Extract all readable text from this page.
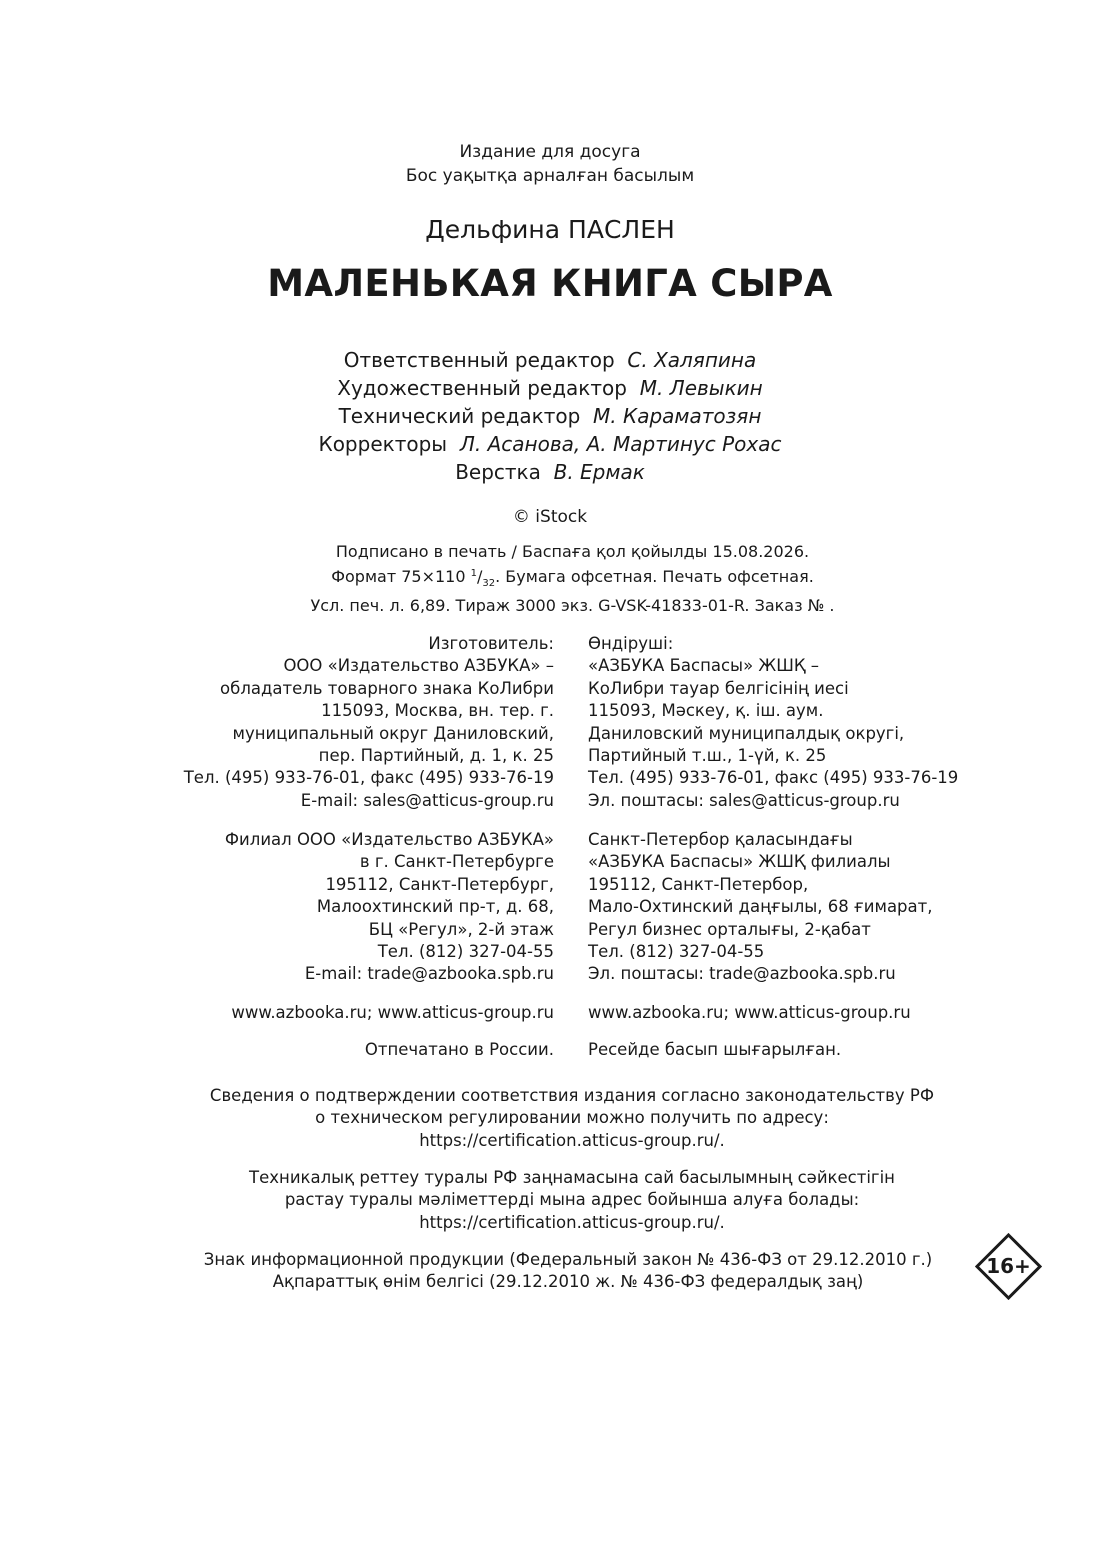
Издание для досуга
Бос уақытқа арналған басылым
Дельфина ПАСЛЕН
МАЛЕНЬКАЯ КНИГА СЫРА
Ответственный редактор С. Халяпина
Художественный редактор М. Левыкин
Технический редактор М. Караматозян
Корректоры Л. Асанова, А. Мартинус Рохас
Верстка В. Ермак
© iStock
Подписано в печать / Баспаға қол қойылды 15.08.2026.
Формат 75×110 $^1/_{32}$. Бумага офсетная. Печать офсетная.
Усл. печ. л. 6,89. Тираж 3000 экз. G-VSK-41833-01-R. Заказ № .
Изготовитель:
ООО «Издательство АЗБУКА» –
обладатель товарного знака КоЛибри
115093, Москва, вн. тер. г.
муниципальный округ Даниловский,
пер. Партийный, д. 1, к. 25
Тел. (495) 933-76-01, факс (495) 933-76-19
E-mail: sales@atticus-group.ru
Өндіруші:
«АЗБУКА Баспасы» ЖШҚ –
КоЛибри тауар белгісінің иесі
115093, Мәскеу, қ. іш. аум.
Даниловский муниципалдық округі,
Партийный т.ш., 1-үй, к. 25
Тел. (495) 933-76-01, факс (495) 933-76-19
Эл. поштасы: sales@atticus-group.ru
Филиал ООО «Издательство АЗБУКА»
в г. Санкт-Петербурге
195112, Санкт-Петербург,
Малоохтинский пр-т, д. 68,
БЦ «Регул», 2-й этаж
Тел. (812) 327-04-55
E-mail: trade@azbooka.spb.ru
Санкт-Петербор қаласындағы
«АЗБУКА Баспасы» ЖШҚ филиалы
195112, Санкт-Петербор,
Мало-Охтинский даңғылы, 68 ғимарат,
Регул бизнес орталығы, 2-қабат
Тел. (812) 327-04-55
Эл. поштасы: trade@azbooka.spb.ru
www.azbooka.ru; www.atticus-group.ru www.azbooka.ru; www.atticus-group.ru
Отпечатано в России. Ресейде басып шығарылған.
Сведения о подтверждении соответствия издания согласно законодательству РФ
о техническом регулировании можно получить по адресу:
https://certification.atticus-group.ru/.
Техникалық реттеу туралы РФ заңнамасына сай басылымның сәйкестігін
растау туралы мәліметтерді мына адрес бойынша алуға болады:
https://certification.atticus-group.ru/.
Знак информационной продукции (Федеральный закон № 436-ФЗ от 29.12.2010 г.)
Ақпараттық өнім белгісі (29.12.2010 ж. № 436-ФЗ федералдық заң)
16+
